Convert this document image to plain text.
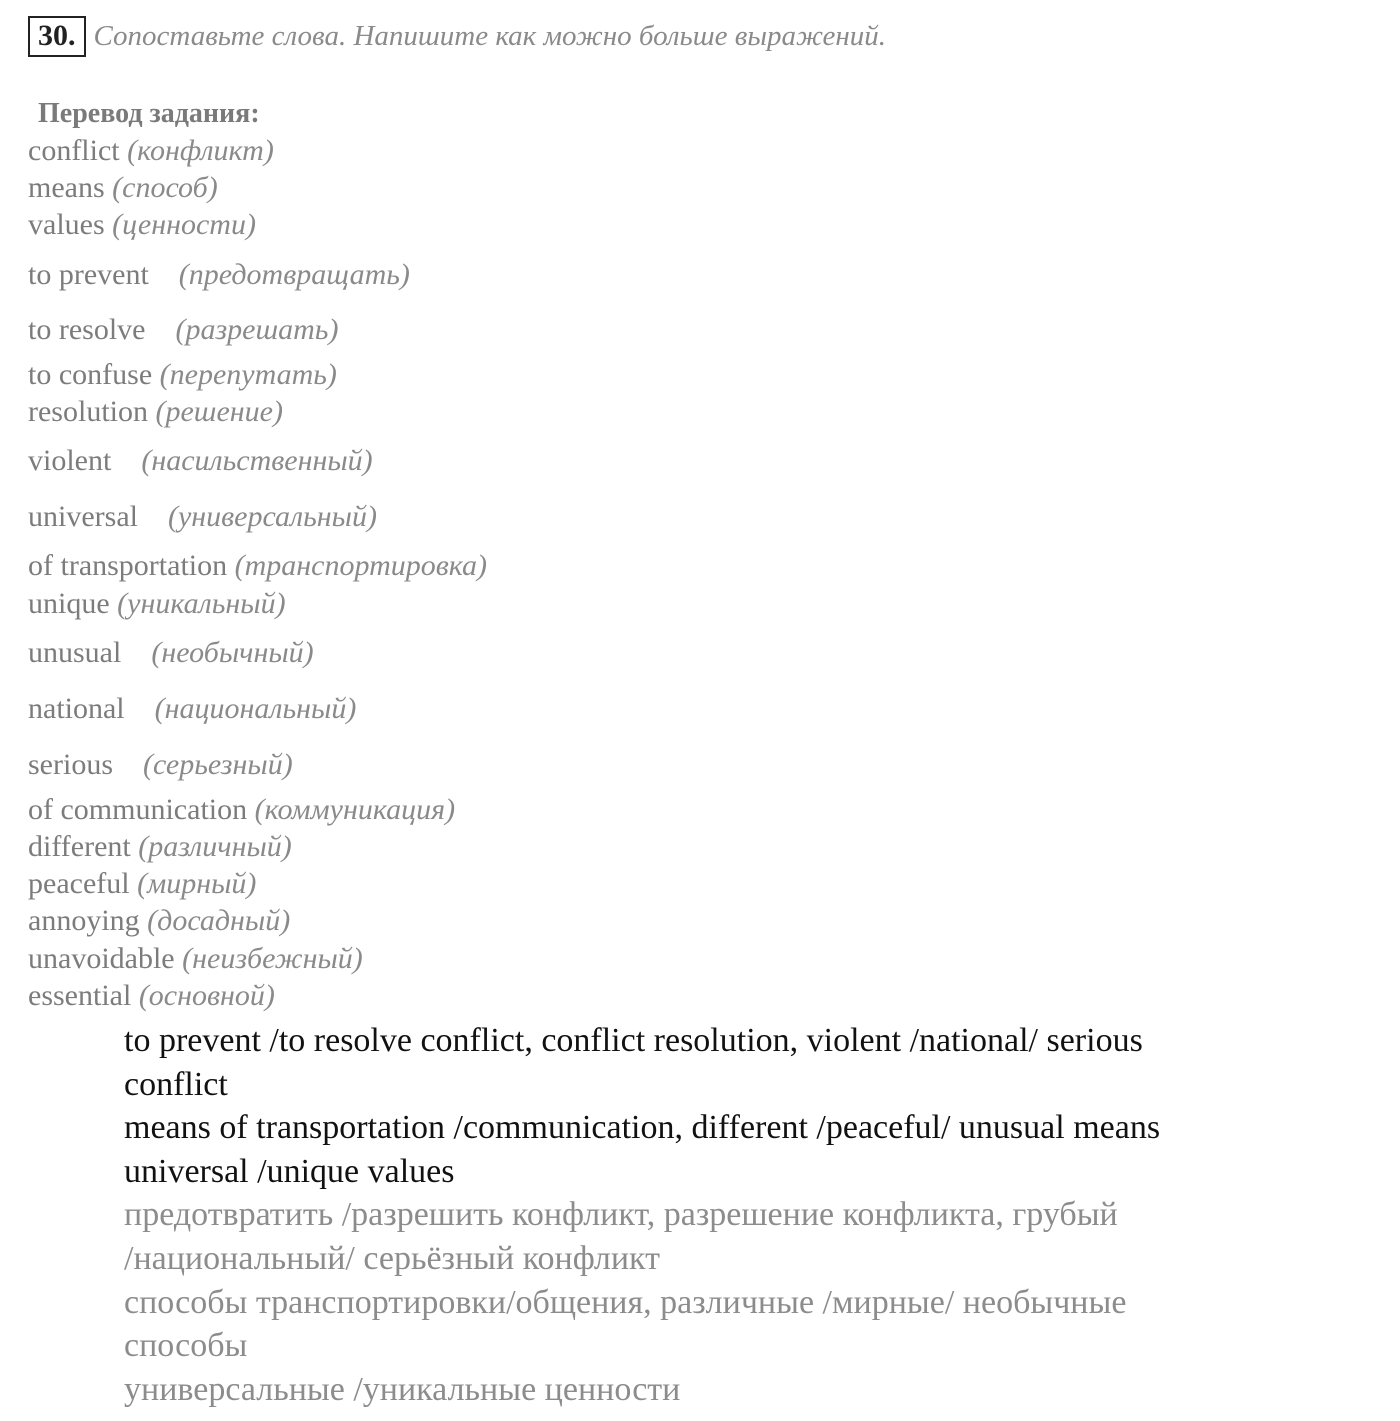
30. Сопоставьте слова. Напишите как можно больше выражений.
Перевод задания:
conflict (конфликт)
means (способ)
values (ценности)
to prevent (предотвращать)
to resolve (разрешать)
to confuse (перепутать)
resolution (решение)
violent (насильственный)
universal (универсальный)
of transportation (транспортировка)
unique (уникальный)
unusual (необычный)
national (национальный)
serious (серьезный)
of communication (коммуникация)
different (различный)
peaceful (мирный)
annoying (досадный)
unavoidable (неизбежный)
essential (основной)

to prevent /to resolve conflict, conflict resolution, violent /national/ serious

conflict

means of transportation /communication, different /peaceful/ unusual means

universal /unique values

предотвратить /разрешить конфликт, разрешение конфликта, грубый

/национальный/ серьёзный конфликт

способы транспортировки/общения, различные /мирные/ необычные

способы

универсальные /уникальные ценности
